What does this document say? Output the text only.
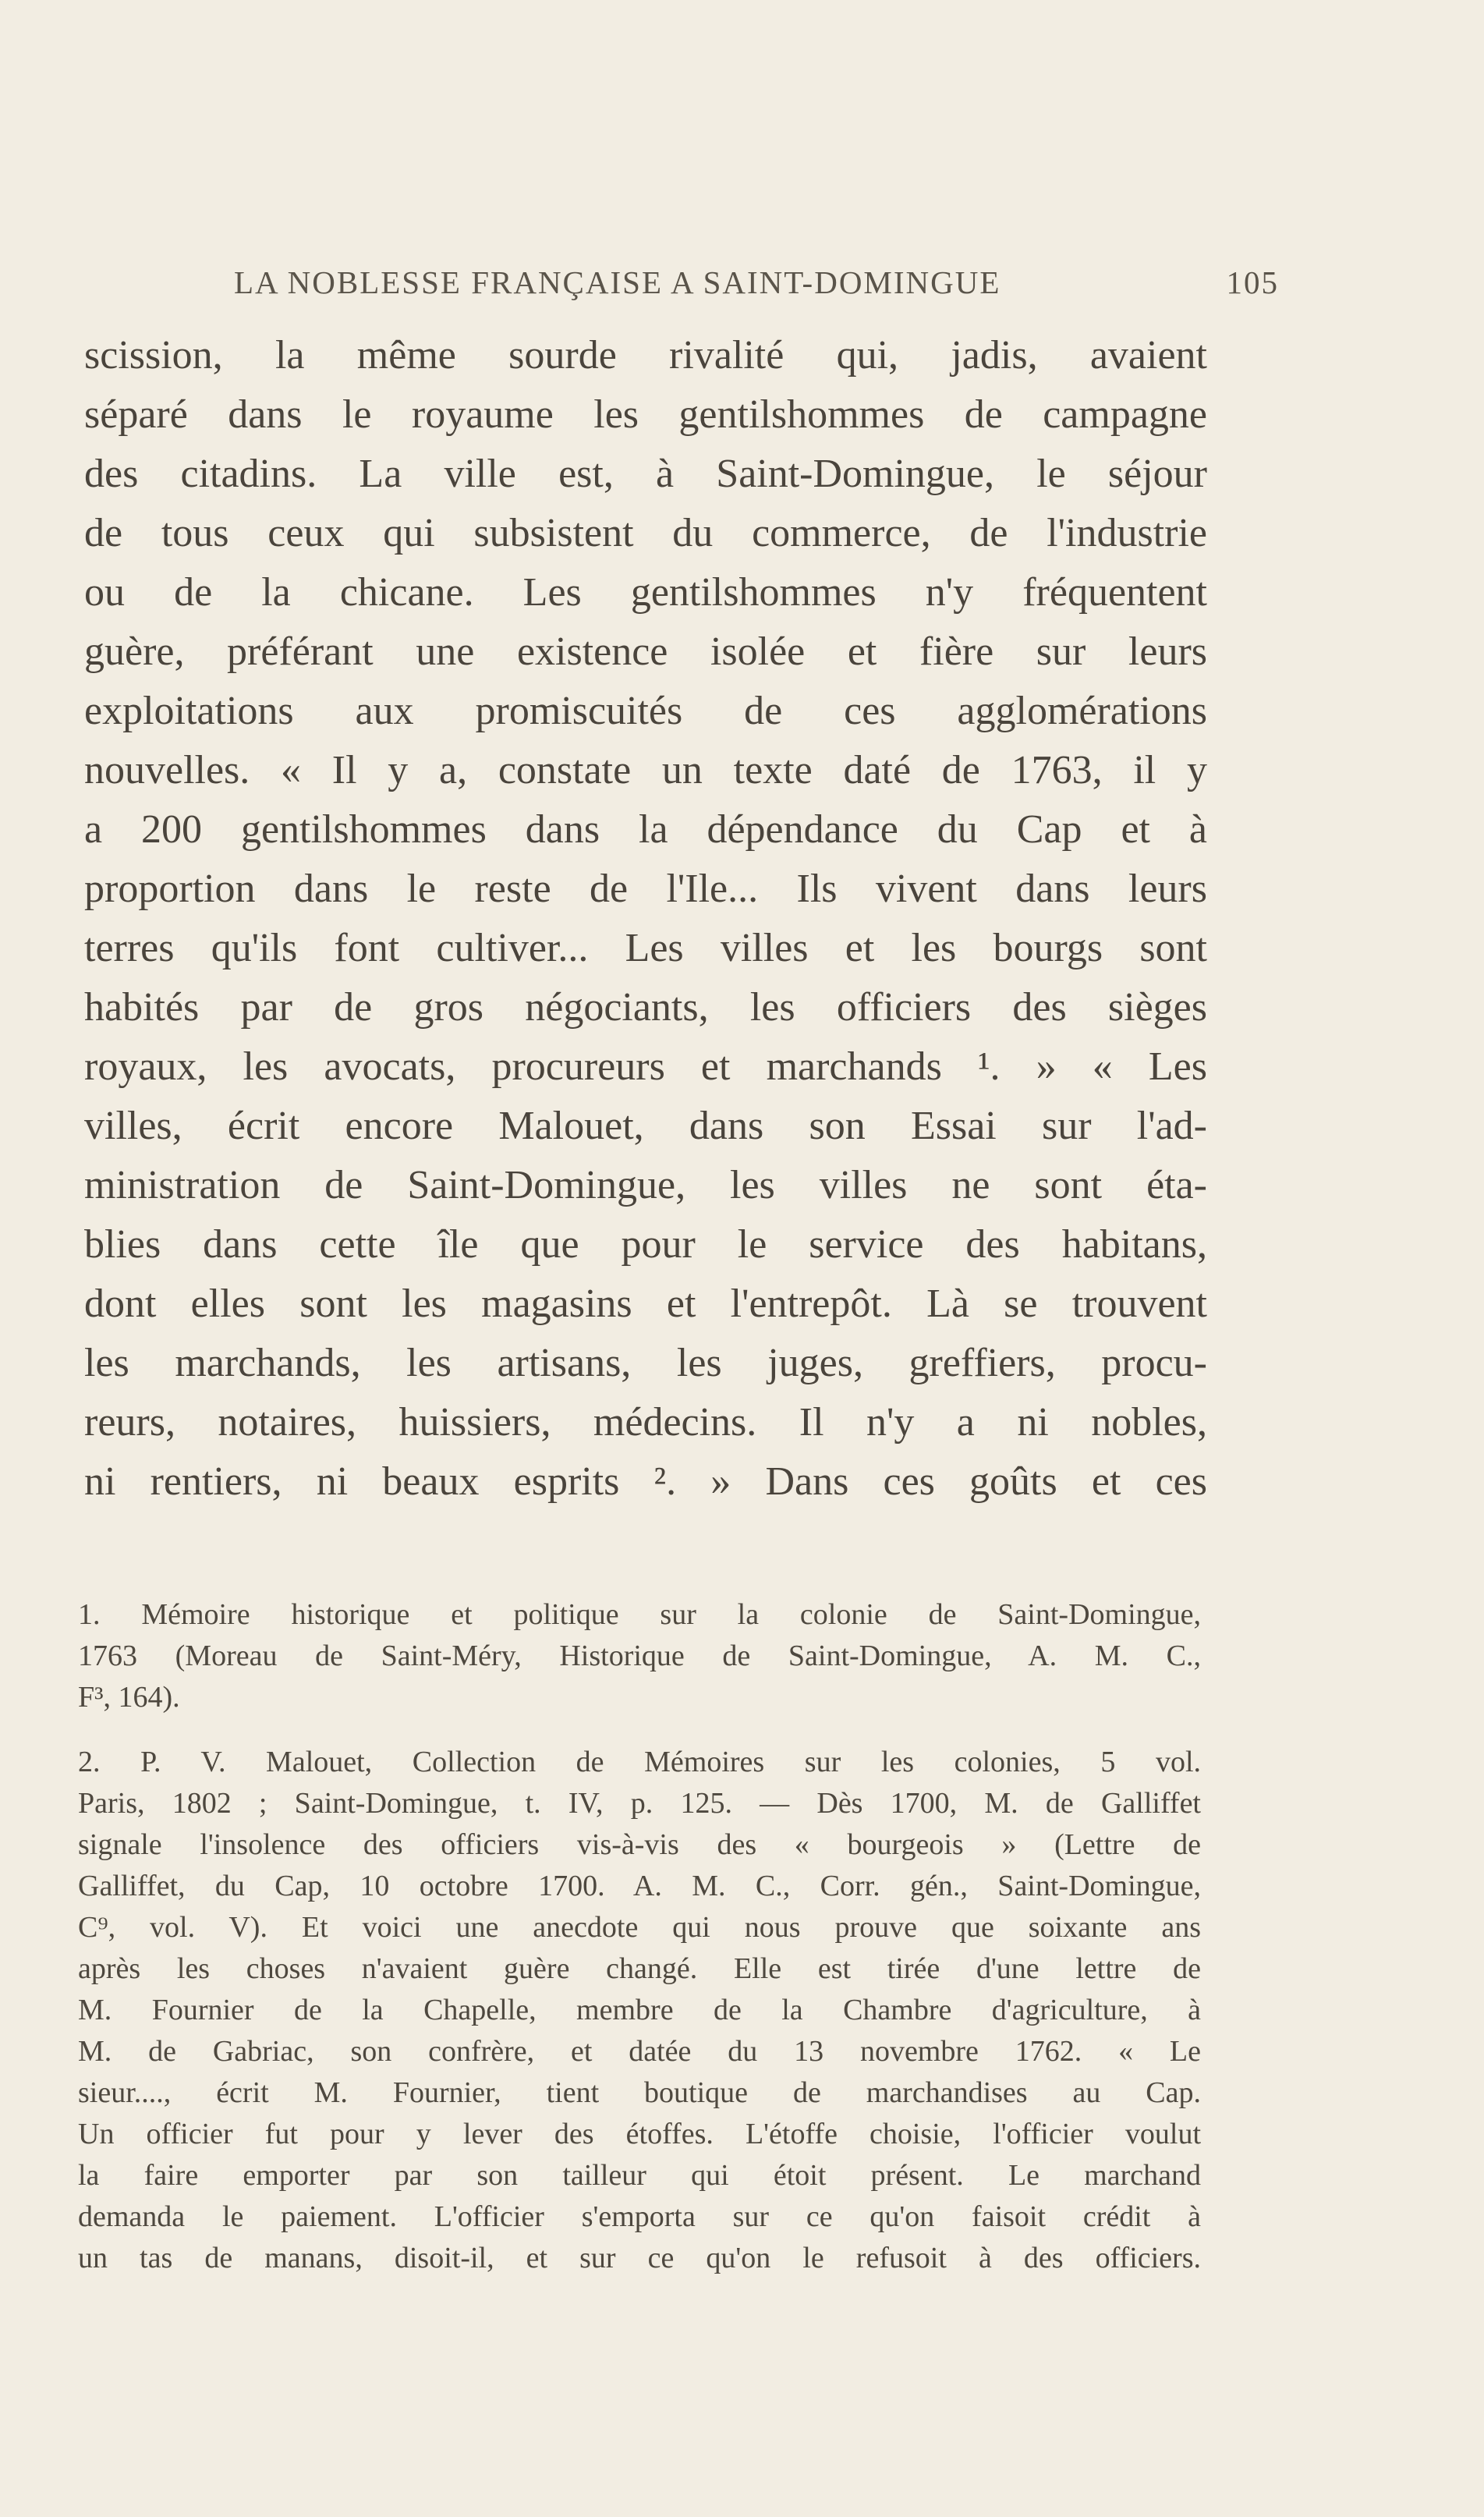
LA NOBLESSE FRANÇAISE A SAINT-DOMINGUE	105
scission, la même sourde rivalité qui, jadis, avaient
séparé dans le royaume les gentilshommes de campagne
des citadins. La ville est, à Saint-Domingue, le séjour
de tous ceux qui subsistent du commerce, de l'industrie
ou de la chicane. Les gentilshommes n'y fréquentent
guère, préférant une existence isolée et fière sur leurs
exploitations aux promiscuités de ces agglomérations
nouvelles. « Il y a, constate un texte daté de 1763, il y
a 200 gentilshommes dans la dépendance du Cap et à
proportion dans le reste de l'Ile... Ils vivent dans leurs
terres qu'ils font cultiver... Les villes et les bourgs sont
habités par de gros négociants, les officiers des sièges
royaux, les avocats, procureurs et marchands ¹. » « Les
villes, écrit encore Malouet, dans son Essai sur l'ad-
ministration de Saint-Domingue, les villes ne sont éta-
blies dans cette île que pour le service des habitans,
dont elles sont les magasins et l'entrepôt. Là se trouvent
les marchands, les artisans, les juges, greffiers, procu-
reurs, notaires, huissiers, médecins. Il n'y a ni nobles,
ni rentiers, ni beaux esprits ². » Dans ces goûts et ces
1. Mémoire historique et politique sur la colonie de Saint-Domingue,
1763 (Moreau de Saint-Méry, Historique de Saint-Domingue, A. M. C.,
F³, 164).
2. P. V. Malouet, Collection de Mémoires sur les colonies, 5 vol.
Paris, 1802 ; Saint-Domingue, t. IV, p. 125. — Dès 1700, M. de Galliffet
signale l'insolence des officiers vis-à-vis des « bourgeois » (Lettre de
Galliffet, du Cap, 10 octobre 1700. A. M. C., Corr. gén., Saint-Domingue,
C⁹, vol. V). Et voici une anecdote qui nous prouve que soixante ans
après les choses n'avaient guère changé. Elle est tirée d'une lettre de
M. Fournier de la Chapelle, membre de la Chambre d'agriculture, à
M. de Gabriac, son confrère, et datée du 13 novembre 1762. « Le
sieur...., écrit M. Fournier, tient boutique de marchandises au Cap.
Un officier fut pour y lever des étoffes. L'étoffe choisie, l'officier voulut
la faire emporter par son tailleur qui étoit présent. Le marchand
demanda le paiement. L'officier s'emporta sur ce qu'on faisoit crédit à
un tas de manans, disoit-il, et sur ce qu'on le refusoit à des officiers.
